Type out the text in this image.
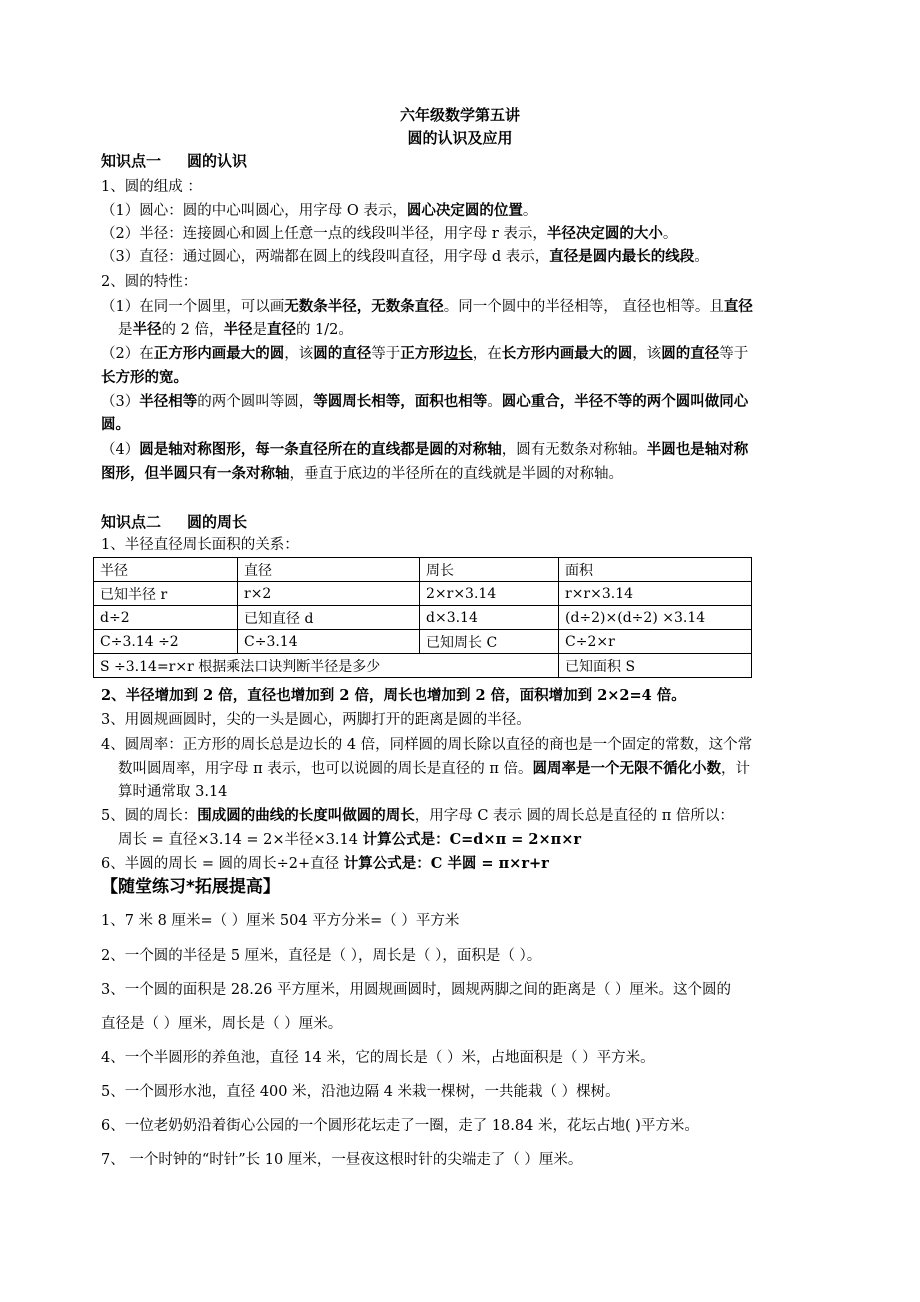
六年级数学第五讲
圆的认识及应用
知识点一 圆的认识
1、圆的组成 ：
（1）圆心：圆的中心叫圆心，用字母 O 表示，圆心决定圆的位置。
（2）半径：连接圆心和圆上任意一点的线段叫半径，用字母 r 表示，半径决定圆的大小。
（3）直径：通过圆心，两端都在圆上的线段叫直径，用字母 d 表示，直径是圆内最长的线段。
2、圆的特性：
（1）在同一个圆里，可以画无数条半径，无数条直径。同一个圆中的半径相等， 直径也相等。且直径
是半径的 2 倍，半径是直径的 1/2。
（2）在正方形内画最大的圆，该圆的直径等于正方形边长，在长方形内画最大的圆，该圆的直径等于
长方形的宽。
（3）半径相等的两个圆叫等圆，等圆周长相等，面积也相等。圆心重合，半径不等的两个圆叫做同心
圆。
（4）圆是轴对称图形，每一条直径所在的直线都是圆的对称轴，圆有无数条对称轴。半圆也是轴对称
图形，但半圆只有一条对称轴，垂直于底边的半径所在的直线就是半圆的对称轴。
知识点二 圆的周长
1、半径直径周长面积的关系：
半径	直径	周长	面积
已知半径 r	r×2	2×r×3.14	r×r×3.14
d÷2	已知直径 d	d×3.14	(d÷2)×(d÷2) ×3.14
C÷3.14 ÷2	C÷3.14	已知周长 C	C÷2×r
S ÷3.14=r×r 根据乘法口诀判断半径是多少			已知面积 S
2、半径增加到 2 倍，直径也增加到 2 倍，周长也增加到 2 倍，面积增加到 2×2=4 倍。
3、用圆规画圆时，尖的一头是圆心，两脚打开的距离是圆的半径。
4、圆周率：正方形的周长总是边长的 4 倍，同样圆的周长除以直径的商也是一个固定的常数，这个常
数叫圆周率，用字母 π 表示，也可以说圆的周长是直径的 π 倍。圆周率是一个无限不循化小数，计
算时通常取 3.14
5、圆的周长：围成圆的曲线的长度叫做圆的周长，用字母 C 表示 圆的周长总是直径的 π 倍所以：
周长 = 直径×3.14 = 2×半径×3.14 计算公式是：C=d×π = 2×π×r
6、半圆的周长 = 圆的周长÷2+直径 计算公式是：C 半圆 = π×r+r
【随堂练习*拓展提高】
1、7 米 8 厘米=（ ）厘米 504 平方分米=（ ）平方米
2、一个圆的半径是 5 厘米，直径是（ ），周长是（ ），面积是（ ）。
3、一个圆的面积是 28.26 平方厘米，用圆规画圆时，圆规两脚之间的距离是（ ）厘米。这个圆的
直径是（ ）厘米，周长是（ ）厘米。
4、一个半圆形的养鱼池，直径 14 米，它的周长是（ ）米，占地面积是（ ）平方米。
5、一个圆形水池，直径 400 米，沿池边隔 4 米栽一棵树，一共能栽（ ）棵树。
6、一位老奶奶沿着街心公园的一个圆形花坛走了一圈，走了 18.84 米，花坛占地( )平方米。
7、 一个时钟的“时针”长 10 厘米，一昼夜这根时针的尖端走了（ ）厘米。
